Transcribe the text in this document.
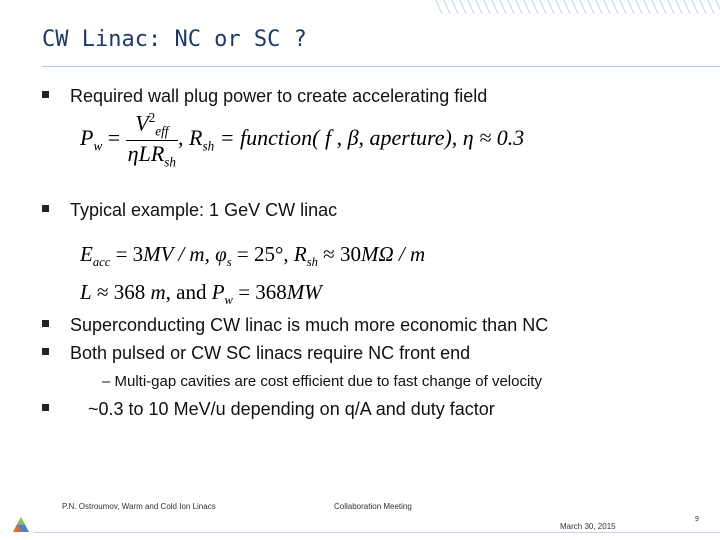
CW Linac: NC or SC ?
Required wall plug power to create accelerating field
$P_w = \frac{V^2_{eff}}{\eta LR_{sh}}$ , $R_{sh}$ = function( f , β, aperture), η ≈ 0.3
Typical example: 1 GeV CW linac
$E_{acc} = 3MV / m$, $\varphi_s = 25^\circ$, $R_{sh} \approx 30M\Omega / m$
L ≈ 368 m, and $P_w = 368MW$
Superconducting CW linac is much more economic than NC
Both pulsed or CW SC linacs require NC front end
– Multi-gap cavities are cost efficient due to fast change of velocity
~0.3 to 10 MeV/u depending on q/A and duty factor
P.N. Ostroumov, Warm and Cold Ion Linacs	Collaboration Meeting
March 30, 2015
9
